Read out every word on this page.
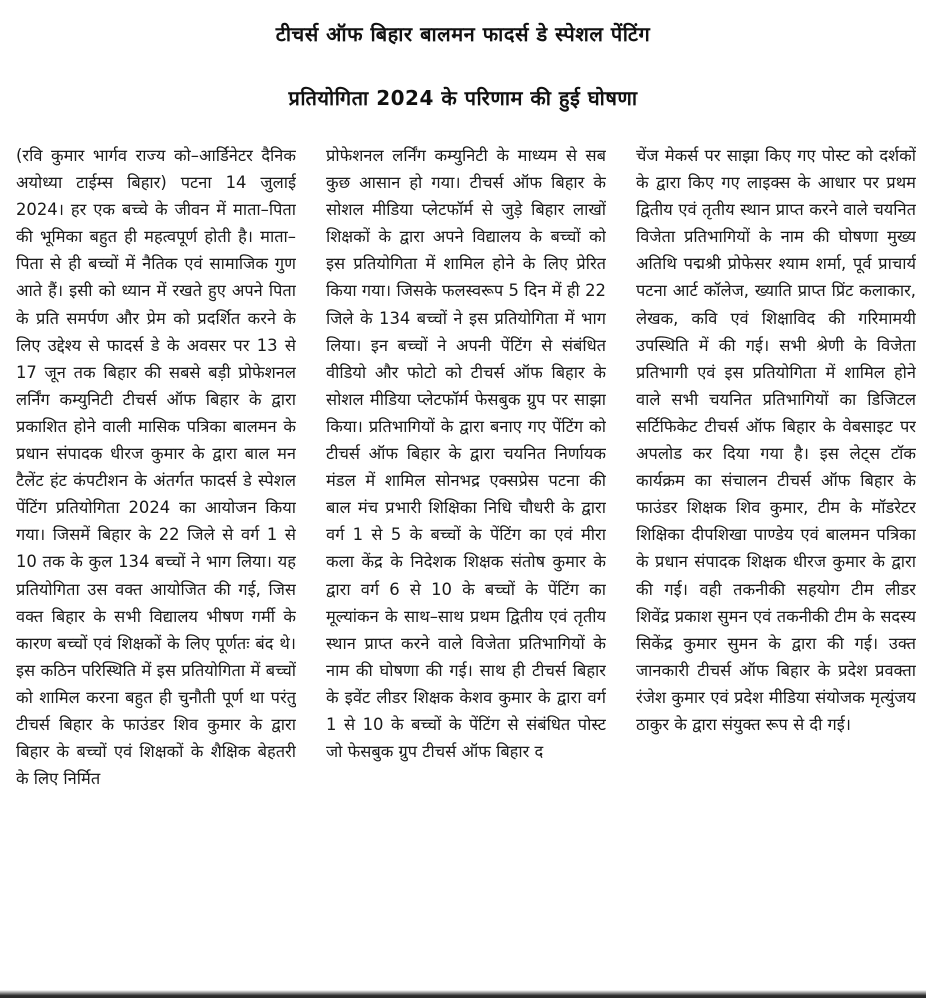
टीचर्स ऑफ बिहार बालमन फादर्स डे स्पेशल पेंटिंग
प्रतियोगिता 2024 के परिणाम की हुई घोषणा

(रवि कुमार भार्गव राज्य को–आर्डिनेटर दैनिक अयोध्या टाईम्स बिहार) पटना 14 जुलाई 2024। हर एक बच्चे के जीवन में माता–पिता की भूमिका बहुत ही महत्वपूर्ण होती है। माता–पिता से ही बच्चों में नैतिक एवं सामाजिक गुण आते हैं। इसी को ध्यान में रखते हुए अपने पिता के प्रति समर्पण और प्रेम को प्रदर्शित करने के लिए उद्देश्य से फादर्स डे के अवसर पर 13 से 17 जून तक बिहार की सबसे बड़ी प्रोफेशनल लर्निंग कम्युनिटी टीचर्स ऑफ बिहार के द्वारा प्रकाशित होने वाली मासिक पत्रिका बालमन के प्रधान संपादक धीरज कुमार के द्वारा बाल मन टैलेंट हंट कंपटीशन के अंतर्गत फादर्स डे स्पेशल पेंटिंग प्रतियोगिता 2024 का आयोजन किया गया। जिसमें बिहार के 22 जिले से वर्ग 1 से 10 तक के कुल 134 बच्चों ने भाग लिया। यह प्रतियोगिता उस वक्त आयोजित की गई, जिस वक्त बिहार के सभी विद्यालय भीषण गर्मी के कारण बच्चों एवं शिक्षकों के लिए पूर्णतः बंद थे। इस कठिन परिस्थिति में इस प्रतियोगिता में बच्चों को शामिल करना बहुत ही चुनौती पूर्ण था परंतु टीचर्स बिहार के फाउंडर शिव कुमार के द्वारा बिहार के बच्चों एवं शिक्षकों के शैक्षिक बेहतरी के लिए निर्मित

प्रोफेशनल लर्निंग कम्युनिटी के माध्यम से सब कुछ आसान हो गया। टीचर्स ऑफ बिहार के सोशल मीडिया प्लेटफॉर्म से जुड़े बिहार लाखों शिक्षकों के द्वारा अपने विद्यालय के बच्चों को इस प्रतियोगिता में शामिल होने के लिए प्रेरित किया गया। जिसके फलस्वरूप 5 दिन में ही 22 जिले के 134 बच्चों ने इस प्रतियोगिता में भाग लिया। इन बच्चों ने अपनी पेंटिंग से संबंधित वीडियो और फोटो को टीचर्स ऑफ बिहार के सोशल मीडिया प्लेटफॉर्म फेसबुक ग्रुप पर साझा किया। प्रतिभागियों के द्वारा बनाए गए पेंटिंग को टीचर्स ऑफ बिहार के द्वारा चयनित निर्णायक मंडल में शामिल सोनभद्र एक्सप्रेस पटना की बाल मंच प्रभारी शिक्षिका निधि चौधरी के द्वारा वर्ग 1 से 5 के बच्चों के पेंटिंग का एवं मीरा कला केंद्र के निदेशक शिक्षक संतोष कुमार के द्वारा वर्ग 6 से 10 के बच्चों के पेंटिंग का मूल्यांकन के साथ–साथ प्रथम द्वितीय एवं तृतीय स्थान प्राप्त करने वाले विजेता प्रतिभागियों के नाम की घोषणा की गई। साथ ही टीचर्स बिहार के इवेंट लीडर शिक्षक केशव कुमार के द्वारा वर्ग 1 से 10 के बच्चों के पेंटिंग से संबंधित पोस्ट जो फेसबुक ग्रुप टीचर्स ऑफ बिहार द

चेंज मेकर्स पर साझा किए गए पोस्ट को दर्शकों के द्वारा किए गए लाइक्स के आधार पर प्रथम द्वितीय एवं तृतीय स्थान प्राप्त करने वाले चयनित विजेता प्रतिभागियों के नाम की घोषणा मुख्य अतिथि पद्मश्री प्रोफेसर श्याम शर्मा, पूर्व प्राचार्य पटना आर्ट कॉलेज, ख्याति प्राप्त प्रिंट कलाकार, लेखक, कवि एवं शिक्षाविद की गरिमामयी उपस्थिति में की गई। सभी श्रेणी के विजेता प्रतिभागी एवं इस प्रतियोगिता में शामिल होने वाले सभी चयनित प्रतिभागियों का डिजिटल सर्टिफिकेट टीचर्स ऑफ बिहार के वेबसाइट पर अपलोड कर दिया गया है। इस लेट्स टॉक कार्यक्रम का संचालन टीचर्स ऑफ बिहार के फाउंडर शिक्षक शिव कुमार, टीम के मॉडरेटर शिक्षिका दीपशिखा पाण्डेय एवं बालमन पत्रिका के प्रधान संपादक शिक्षक धीरज कुमार के द्वारा की गई। वही तकनीकी सहयोग टीम लीडर शिवेंद्र प्रकाश सुमन एवं तकनीकी टीम के सदस्य सिकेंद्र कुमार सुमन के द्वारा की गई। उक्त जानकारी टीचर्स ऑफ बिहार के प्रदेश प्रवक्ता रंजेश कुमार एवं प्रदेश मीडिया संयोजक मृत्युंजय ठाकुर के द्वारा संयुक्त रूप से दी गई।
